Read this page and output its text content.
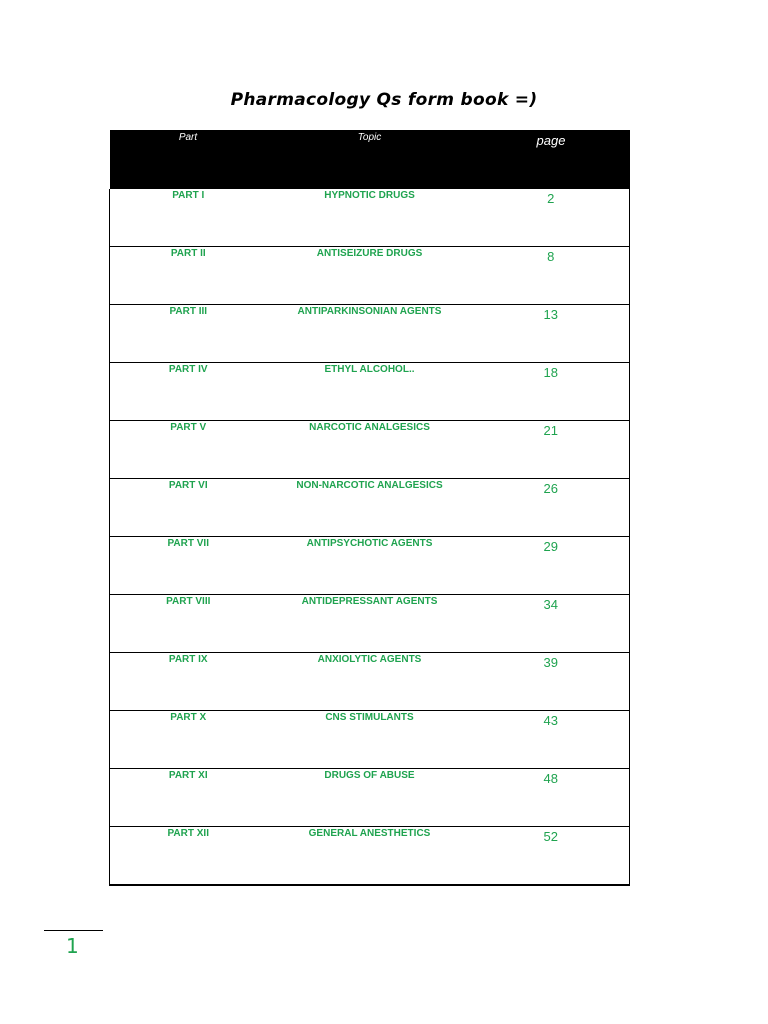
Pharmacology Qs form book =)
Part	Topic	page

PART I	HYPNOTIC DRUGS	2

PART II	ANTISEIZURE DRUGS	8

PART III	ANTIPARKINSONIAN AGENTS	13

PART IV	ETHYL ALCOHOL..	18

PART V	NARCOTIC ANALGESICS	21

PART VI	NON-NARCOTIC ANALGESICS	26

PART VII	ANTIPSYCHOTIC AGENTS	29

PART VIII	ANTIDEPRESSANT AGENTS	34

PART IX	ANXIOLYTIC AGENTS	39

PART X	CNS STIMULANTS	43

PART XI	DRUGS OF ABUSE	48

PART XII	GENERAL ANESTHETICS	52
1
